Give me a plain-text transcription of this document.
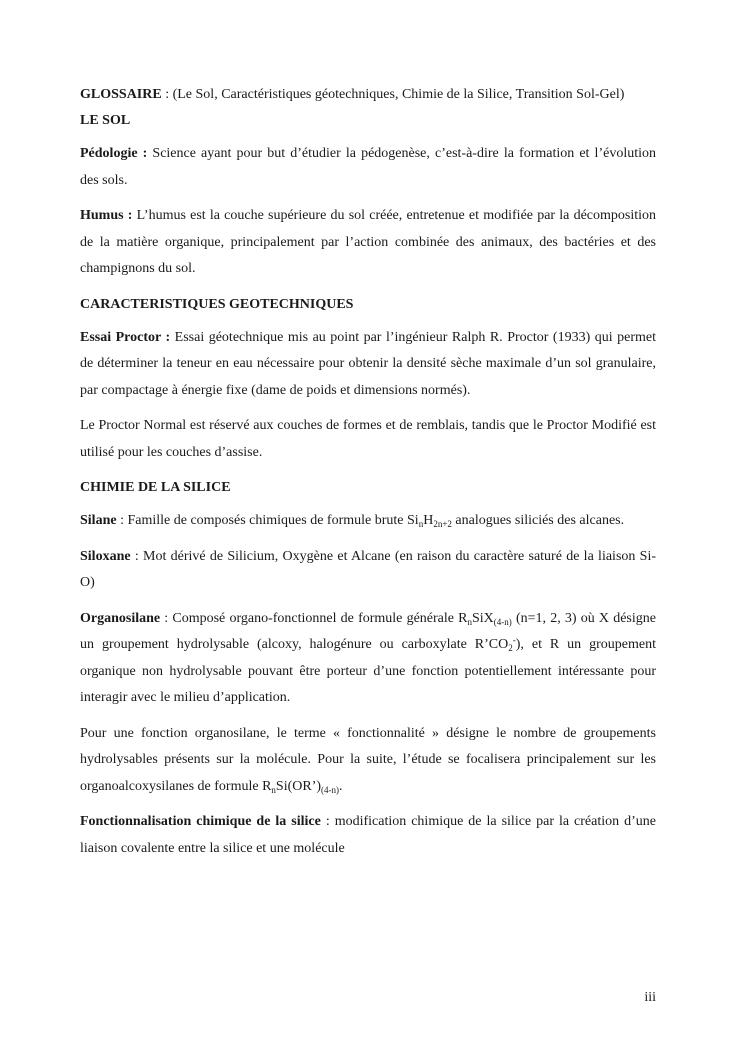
GLOSSAIRE : (Le Sol, Caractéristiques géotechniques, Chimie de la Silice, Transition Sol-Gel)

LE SOL

Pédologie : Science ayant pour but d’étudier la pédogenèse, c’est-à-dire la formation et l’évolution des sols.

Humus : L’humus est la couche supérieure du sol créée, entretenue et modifiée par la décomposition de la matière organique, principalement par l’action combinée des animaux, des bactéries et des champignons du sol.

CARACTERISTIQUES GEOTECHNIQUES

Essai Proctor : Essai géotechnique mis au point par l’ingénieur Ralph R. Proctor (1933) qui permet de déterminer la teneur en eau nécessaire pour obtenir la densité sèche maximale d’un sol granulaire, par compactage à énergie fixe (dame de poids et dimensions normés).

Le Proctor Normal est réservé aux couches de formes et de remblais, tandis que le Proctor Modifié est utilisé pour les couches d’assise.

CHIMIE DE LA SILICE

Silane : Famille de composés chimiques de formule brute $Si_nH_{2n+2}$ analogues siliciés des alcanes.

Siloxane : Mot dérivé de Silicium, Oxygène et Alcane (en raison du caractère saturé de la liaison Si-O)

Organosilane : Composé organo-fonctionnel de formule générale $R_nSiX_{(4-n)}$ (n=1, 2, 3) où X désigne un groupement hydrolysable (alcoxy, halogénure ou carboxylate $R’CO_2^-$), et R un groupement organique non hydrolysable pouvant être porteur d’une fonction potentiellement intéressante pour interagir avec le milieu d’application.

Pour une fonction organosilane, le terme « fonctionnalité » désigne le nombre de groupements hydrolysables présents sur la molécule. Pour la suite, l’étude se focalisera principalement sur les organoalcoxysilanes de formule $R_nSi(OR’)_{(4-n)}$.

Fonctionnalisation chimique de la silice : modification chimique de la silice par la création d’une liaison covalente entre la silice et une molécule

iii
